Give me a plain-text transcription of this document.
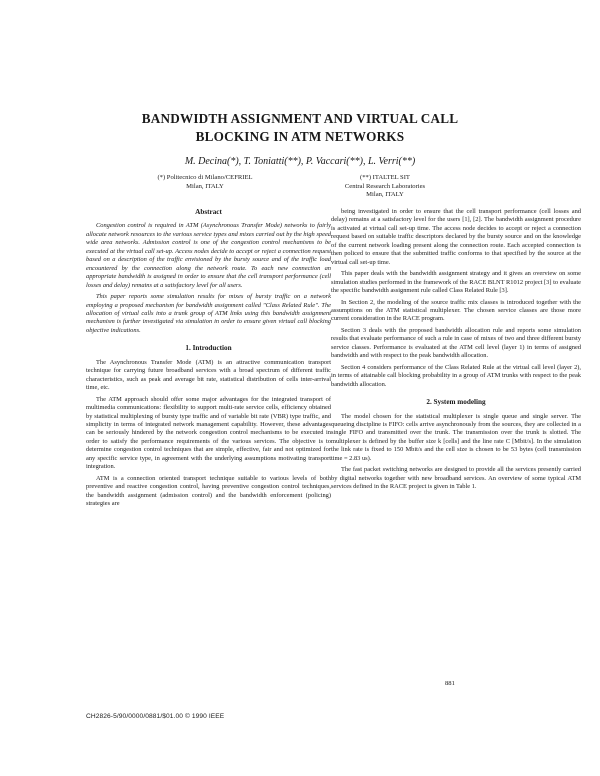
BANDWIDTH ASSIGNMENT AND VIRTUAL CALL
BLOCKING IN ATM NETWORKS
M. Decina(*), T. Toniatti(**), P. Vaccari(**), L. Verri(**)
(*) Politecnico di Milano/CEFRIEL
Milan, ITALY
(**) ITALTEL SIT
Central Research Laboratories
Milan, ITALY
Abstract

Congestion control is required in ATM (Asynchronous Transfer Mode) networks to fairly allocate network resources to the various service types and mixes carried out by the high speed wide area networks. Admission control is one of the congestion control mechanisms to be executed at the virtual call set-up. Access nodes decide to accept or reject a connection request based on a description of the traffic envisioned by the bursty source and of the traffic load encountered by the connection along the network route. To each new connection an appropriate bandwidth is assigned in order to ensure that the cell transport performance (cell losses and delay) remains at a satisfactory level for all users.

This paper reports some simulation results for mixes of bursty traffic on a network employing a proposed mechanism for bandwidth assignment called "Class Related Rule". The allocation of virtual calls into a trunk group of ATM links using this bandwidth assignment mechanism is further investigated via simulation in order to ensure given virtual call blocking objective indications.

1. Introduction

The Asynchronous Transfer Mode (ATM) is an attractive communication transport technique for carrying future broadband services with a broad spectrum of different traffic characteristics, such as peak and average bit rate, statistical distribution of cells inter-arrival time, etc.

The ATM approach should offer some major advantages for the integrated transport of multimedia communications: flexibility to support multi-rate service cells, efficiency obtained by statistical multiplexing of bursty type traffic and of variable bit rate (VBR) type traffic, and simplicity in terms of integrated network management capability. However, these advantages can be seriously hindered by the network congestion control mechanisms to be executed in order to satisfy the performance requirements of the various services. The objective is to determine congestion control techniques that are simple, effective, fair and not optimized for any specific service type, in agreement with the underlying assumptions motivating transport integration.

ATM is a connection oriented transport technique suitable to various levels of both preventive and reactive congestion control, having preventive congestion control techniques, the bandwidth assignment (admission control) and the bandwidth enforcement (policing) strategies are

being investigated in order to ensure that the cell transport performance (cell losses and delay) remains at a satisfactory level for the users [1], [2]. The bandwidth assignment procedure is activated at virtual call set-up time. The access node decides to accept or reject a connection request based on suitable traffic descriptors declared by the bursty source and on the knowledge of the current network loading present along the connection route. Each accepted connection is then policed to ensure that the submitted traffic conforms to that specified by the source at the virtual call set-up time.

This paper deals with the bandwidth assignment strategy and it gives an overview on some simulation studies performed in the framework of the RACE BLNT R1012 project [3] to evaluate the specific bandwidth assignment rule called Class Related Rule [3].

In Section 2, the modeling of the source traffic mix classes is introduced together with the assumptions on the ATM statistical multiplexer. The chosen service classes are those more current consideration in the RACE program.

Section 3 deals with the proposed bandwidth allocation rule and reports some simulation results that evaluate performance of such a rule in case of mixes of two and three different bursty service classes. Performance is evaluated at the ATM cell level (layer 1) in terms of assigned bandwidth and with respect to the peak bandwidth allocation.

Section 4 considers performance of the Class Related Rule at the virtual call level (layer 2), in terms of attainable call blocking probability in a group of ATM trunks with respect to the peak bandwidth allocation.

2. System modeling

The model chosen for the statistical multiplexer is single queue and single server. The queueing discipline is FIFO: cells arrive asynchronously from the sources, they are collected in a single FIFO and transmitted over the trunk. The transmission over the trunk is slotted. The multiplexer is defined by the buffer size k [cells] and the line rate C [Mbit/s]. In the simulation the link rate is fixed to 150 Mbit/s and the cell size is chosen to be 53 bytes (cell transmission time = 2.83 us).

The fast packet switching networks are designed to provide all the services presently carried by digital networks together with new broadband services. An overview of some typical ATM services defined in the RACE project is given in Table 1.

881
CH2826-5/90/0000/0881/$01.00 © 1990 IEEE
